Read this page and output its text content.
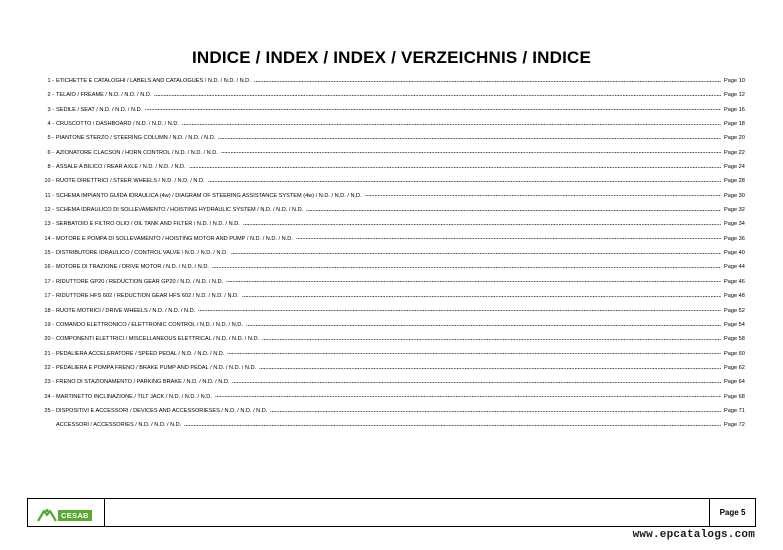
INDICE / INDEX / INDEX / VERZEICHNIS / INDICE
1 - ETICHETTE E CATALOGHI / LABELS AND CATALOGUES / N.D. / N.D. / N.D.	Page 10
2 - TELAIO / FREAME / N.D. / N.D. / N.D.	Page 12
3 - SEDILE / SEAT / N.D. / N.D. / N.D.	Page 16
4 - CRUSCOTTO / DASHBOARD / N.D. / N.D. / N.D.	Page 18
5 - PIANTONE STERZO / STEERING COLUMN / N.D. / N.D. / N.D.	Page 20
6 - AZIONATORE CLACSON / HORN CONTROL / N.D. / N.D. / N.D.	Page 22
8 - ASSALE A BILICO / REAR AXLE / N.D. / N.D. / N.D.	Page 24
10 - RUOTE DIRETTRICI / STEER WHEELS / N.D. / N.D. / N.D.	Page 28
11 - SCHEMA IMPIANTO GUIDA IDRAULICA (4w) / DIAGRAM OF STEERING ASSISTANCE SYSTEM (4w) / N.D. / N.D. / N.D.	Page 30
12 - SCHEMA IDRAULICO DI SOLLEVAMENTO / HOISTING HYDRAULIC SYSTEM / N.D. / N.D. / N.D.	Page 32
13 - SERBATOIO E FILTRO OLIO / OIL TANK AND FILTER / N.D. / N.D. / N.D.	Page 34
14 - MOTORE E POMPA DI SOLLEVAMENTO / HOISTING MOTOR AND PUMP / N.D. / N.D. / N.D.	Page 36
15 - DISTRIBUTORE IDRAULICO / CONTROL VALVE / N.D. / N.D. / N.D.	Page 40
16 - MOTORE DI TRAZIONE / DRIVE MOTOR / N.D. / N.D. / N.D.	Page 44
17 - RIDUTTORE GP20 / REDUCTION GEAR GP20 / N.D. / N.D. / N.D.	Page 46
17 - RIDUTTORE HFS 602 / REDUCTION GEAR HFS 602 / N.D. / N.D. / N.D.	Page 48
18 - RUOTE MOTRICI / DRIVE WHEELS / N.D. / N.D. / N.D.	Page 52
19 - COMANDO ELETTRONICO / ELETTRONIC CONTROL / N.D. / N.D. / N.D.	Page 54
20 - COMPONENTI ELETTRICI / MISCELLANEOUS ELETTRICAL / N.D. / N.D. / N.D.	Page 58
21 - PEDALIERA ACCELERATORE / SPEED PEDAL / N.D. / N.D. / N.D.	Page 60
22 - PEDALIERA E POMPA FRENO / BRAKE PUMP AND PEDAL / N.D. / N.D. / N.D.	Page 62
23 - FRENO DI STAZIONAMENTO / PARKING BRAKE / N.D. / N.D. / N.D.	Page 64
24 - MARTINETTO INCLINAZIONE / TILT JACK / N.D. / N.D. / N.D.	Page 68
25 - DISPOSITIVI E ACCESSORI / DEVICES AND ACCESSORIESES / N.D. / N.D. / N.D.	Page 71
ACCESSORI / ACCESSORIES / N.D. / N.D. / N.D.	Page 72
CESAB	Page 5
www.epcatalogs.com
